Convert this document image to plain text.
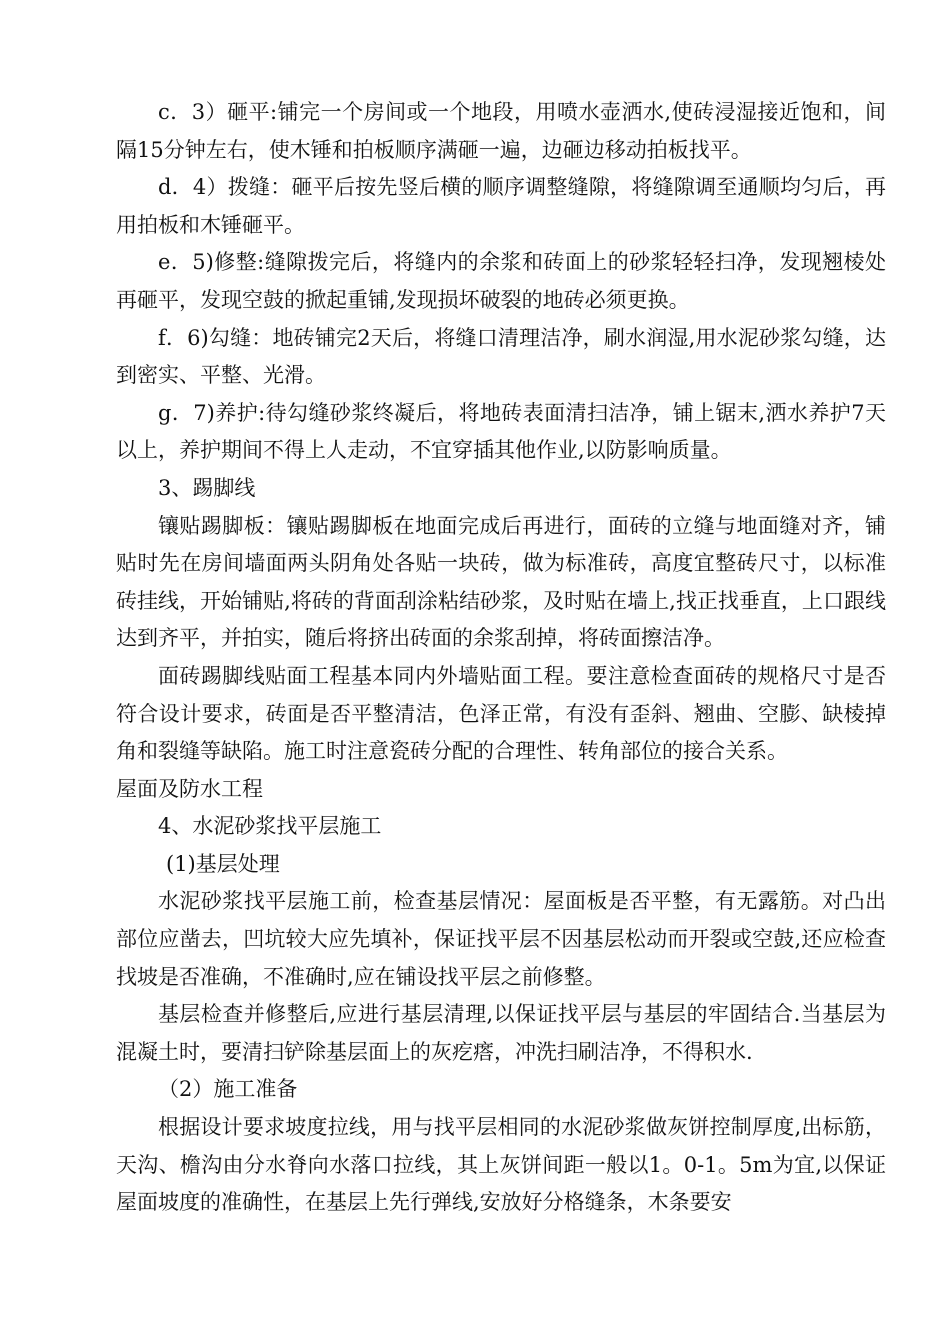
c．3）砸平:铺完一个房间或一个地段，用喷水壶洒水,使砖浸湿接近饱和，间隔15分钟左右，使木锤和拍板顺序满砸一遍，边砸边移动拍板找平。

d．4）拨缝：砸平后按先竖后横的顺序调整缝隙，将缝隙调至通顺均匀后，再用拍板和木锤砸平。

e．5)修整:缝隙拨完后，将缝内的余浆和砖面上的砂浆轻轻扫净，发现翘棱处再砸平，发现空鼓的掀起重铺,发现损坏破裂的地砖必须更换。

f．6)勾缝：地砖铺完2天后，将缝口清理洁净，刷水润湿,用水泥砂浆勾缝，达到密实、平整、光滑。

g．7)养护:待勾缝砂浆终凝后，将地砖表面清扫洁净，铺上锯末,洒水养护7天以上，养护期间不得上人走动，不宜穿插其他作业,以防影响质量。

3、踢脚线

镶贴踢脚板：镶贴踢脚板在地面完成后再进行，面砖的立缝与地面缝对齐，铺贴时先在房间墙面两头阴角处各贴一块砖，做为标准砖，高度宜整砖尺寸，以标准砖挂线，开始铺贴,将砖的背面刮涂粘结砂浆，及时贴在墙上,找正找垂直，上口跟线达到齐平，并拍实，随后将挤出砖面的余浆刮掉，将砖面擦洁净。

面砖踢脚线贴面工程基本同内外墙贴面工程。要注意检查面砖的规格尺寸是否符合设计要求，砖面是否平整清洁，色泽正常，有没有歪斜、翘曲、空膨、缺棱掉角和裂缝等缺陷。施工时注意瓷砖分配的合理性、转角部位的接合关系。

屋面及防水工程

4、水泥砂浆找平层施工

(1)基层处理

水泥砂浆找平层施工前，检查基层情况：屋面板是否平整，有无露筋。对凸出部位应凿去，凹坑较大应先填补，保证找平层不因基层松动而开裂或空鼓,还应检查找坡是否准确，不准确时,应在铺设找平层之前修整。

基层检查并修整后,应进行基层清理,以保证找平层与基层的牢固结合.当基层为混凝土时，要清扫铲除基层面上的灰疙瘩，冲洗扫刷洁净，不得积水.

（2）施工准备

根据设计要求坡度拉线，用与找平层相同的水泥砂浆做灰饼控制厚度,出标筋，天沟、檐沟由分水脊向水落口拉线，其上灰饼间距一般以1。0-1。5m为宜,以保证屋面坡度的准确性，在基层上先行弹线,安放好分格缝条，木条要安
